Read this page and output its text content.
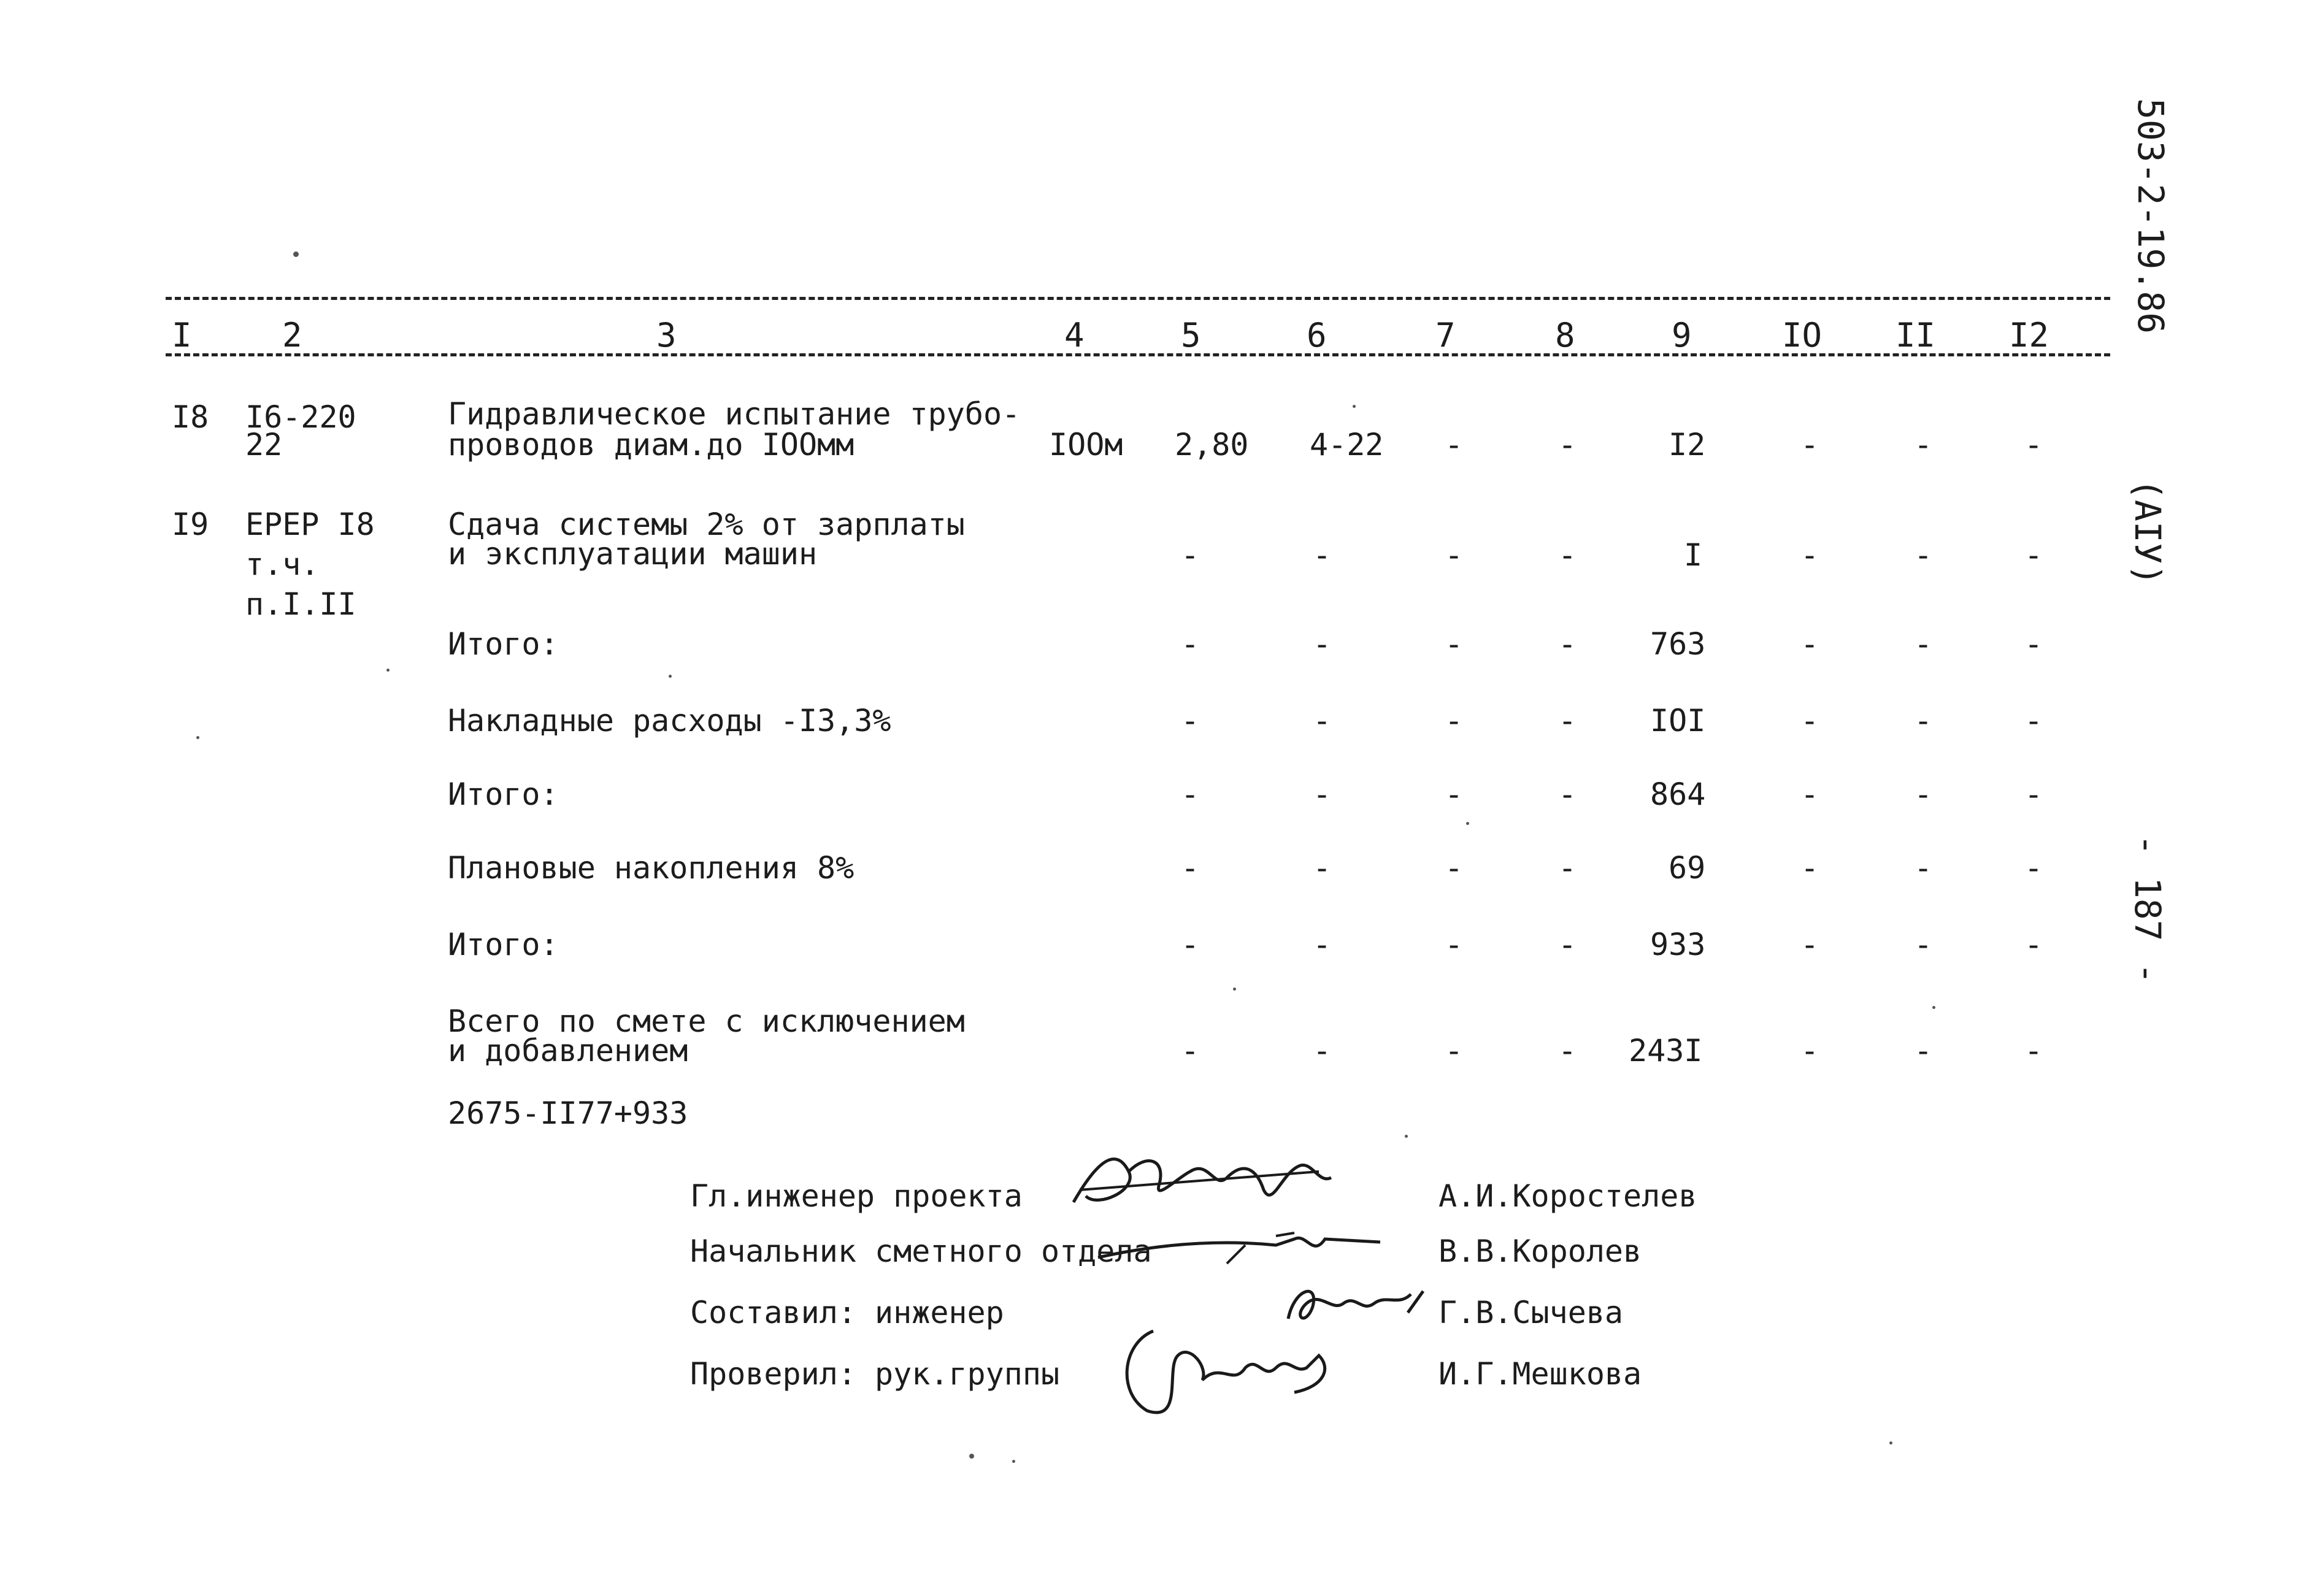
503-2-19.86
(АІУ)
- 187 -
I	2	3	4	5	6	7	8	9	IO II I2
I8 I6-220
22
Гидравлическое испытание трубо-
проводов диам.до IOOмм	IOOм 2,80 4-22 -	-	I2	-	-	-
I9 ЕРЕР I8
т.ч.
п.I.II
Сдача системы 2% от зарплаты
и эксплуатации машин	-	-	-	-	I	-	-	-
Итого:	-	-	-	- 763	-	-	-
Накладные расходы -I3,3%	-	-	-	- IOI	-	-	-
Итого:	-	-	-	- 864	-	-	-
Плановые накопления 8%	-	-	-	-	69	-	-	-
Итого:	-	-	-	- 933	-	-	-
Всего по смете с исключением
и добавлением	-	-	-	- 243I	-	-	-
2675-II77+933
Гл.инженер проекта	А.И.Коростелев
Начальник сметного отдела	В.В.Королев
Составил: инженер	Г.В.Сычева
Проверил: рук.группы	И.Г.Мешкова
